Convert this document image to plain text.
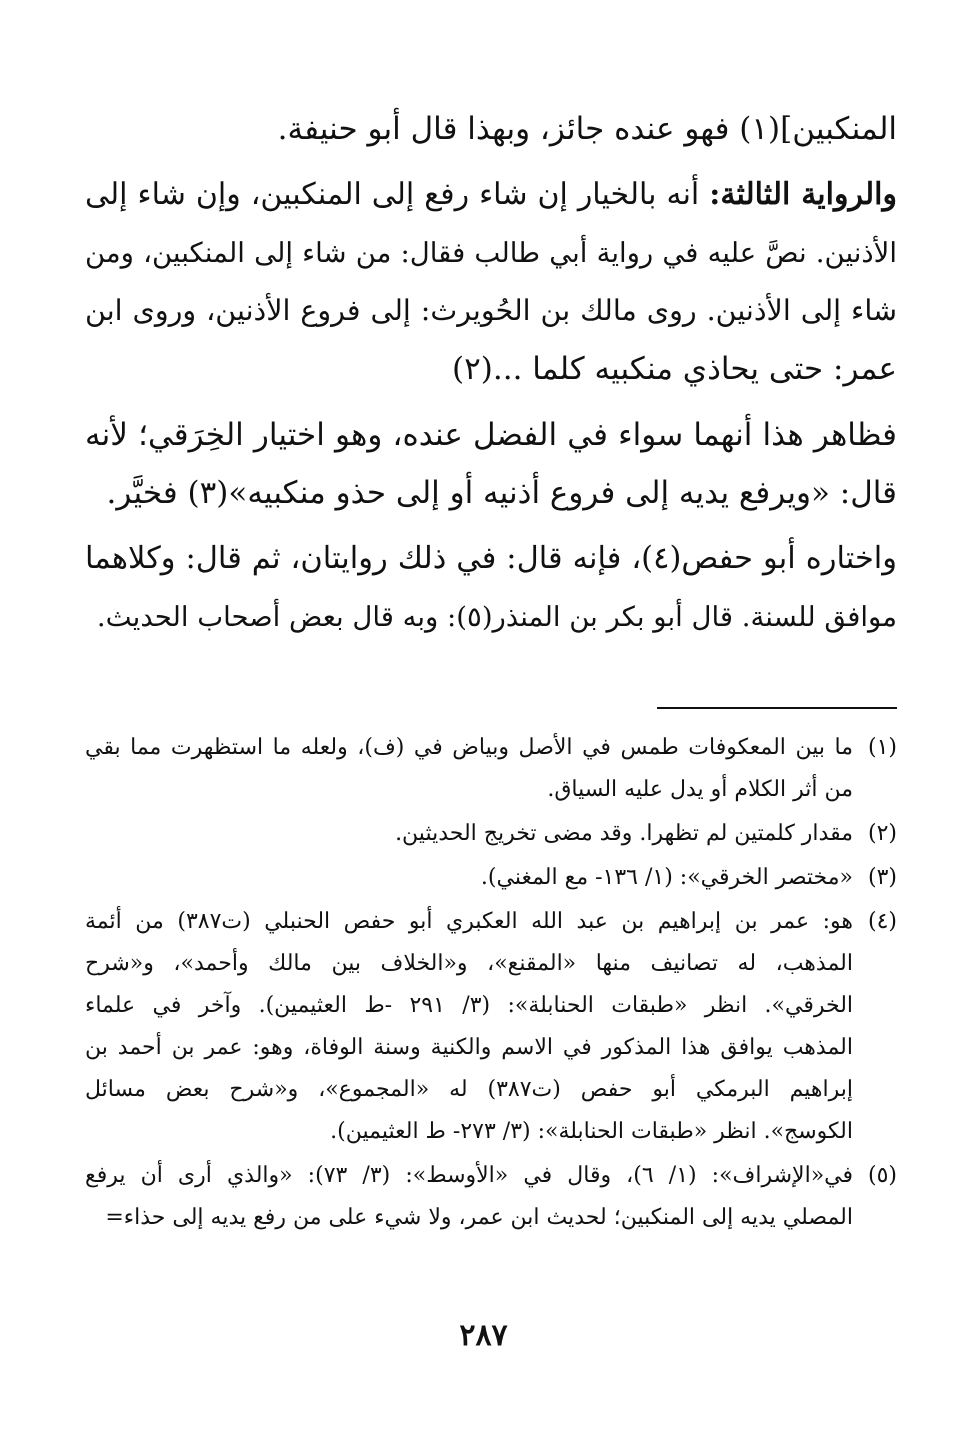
المنكبين](١) فهو عنده جائز، وبهذا قال أبو حنيفة.
والرواية الثالثة: أنه بالخيار إن شاء رفع إلى المنكبين، وإن شاء إلى
الأذنين. نصَّ عليه في رواية أبي طالب فقال: من شاء إلى المنكبين، ومن
شاء إلى الأذنين. روى مالك بن الحُويرث: إلى فروع الأذنين، وروى ابن
عمر: حتى يحاذي منكبيه كلما ...(٢)
فظاهر هذا أنهما سواء في الفضل عنده، وهو اختيار الخِرَقي؛ لأنه
قال: «ويرفع يديه إلى فروع أذنيه أو إلى حذو منكبيه»(٣) فخيَّر.
واختاره أبو حفص(٤)، فإنه قال: في ذلك روايتان، ثم قال: وكلاهما
موافق للسنة. قال أبو بكر بن المنذر(٥): وبه قال بعض أصحاب الحديث.
(١)
ما بين المعكوفات طمس في الأصل وبياض في (ف)، ولعله ما استظهرت مما بقي
من أثر الكلام أو يدل عليه السياق.
(٢)
مقدار كلمتين لم تظهرا. وقد مضى تخريج الحديثين.
(٣)
«مختصر الخرقي»: (١/ ١٣٦- مع المغني).
(٤)
هو: عمر بن إبراهيم بن عبد الله العكبري أبو حفص الحنبلي (ت٣٨٧) من أئمة
المذهب، له تصانيف منها «المقنع»، و«الخلاف بين مالك وأحمد»، و«شرح
الخرقي». انظر «طبقات الحنابلة»: (٣/ ٢٩١ -ط العثيمين). وآخر في علماء
المذهب يوافق هذا المذكور في الاسم والكنية وسنة الوفاة، وهو: عمر بن أحمد بن
إبراهيم البرمكي أبو حفص (ت٣٨٧) له «المجموع»، و«شرح بعض مسائل
الكوسج». انظر «طبقات الحنابلة»: (٣/ ٢٧٣- ط العثيمين).
(٥)
في«الإشراف»: (١/ ٦)، وقال في «الأوسط»: (٣/ ٧٣): «والذي أرى أن يرفع
المصلي يديه إلى المنكبين؛ لحديث ابن عمر، ولا شيء على من رفع يديه إلى حذاء=
٢٨٧
